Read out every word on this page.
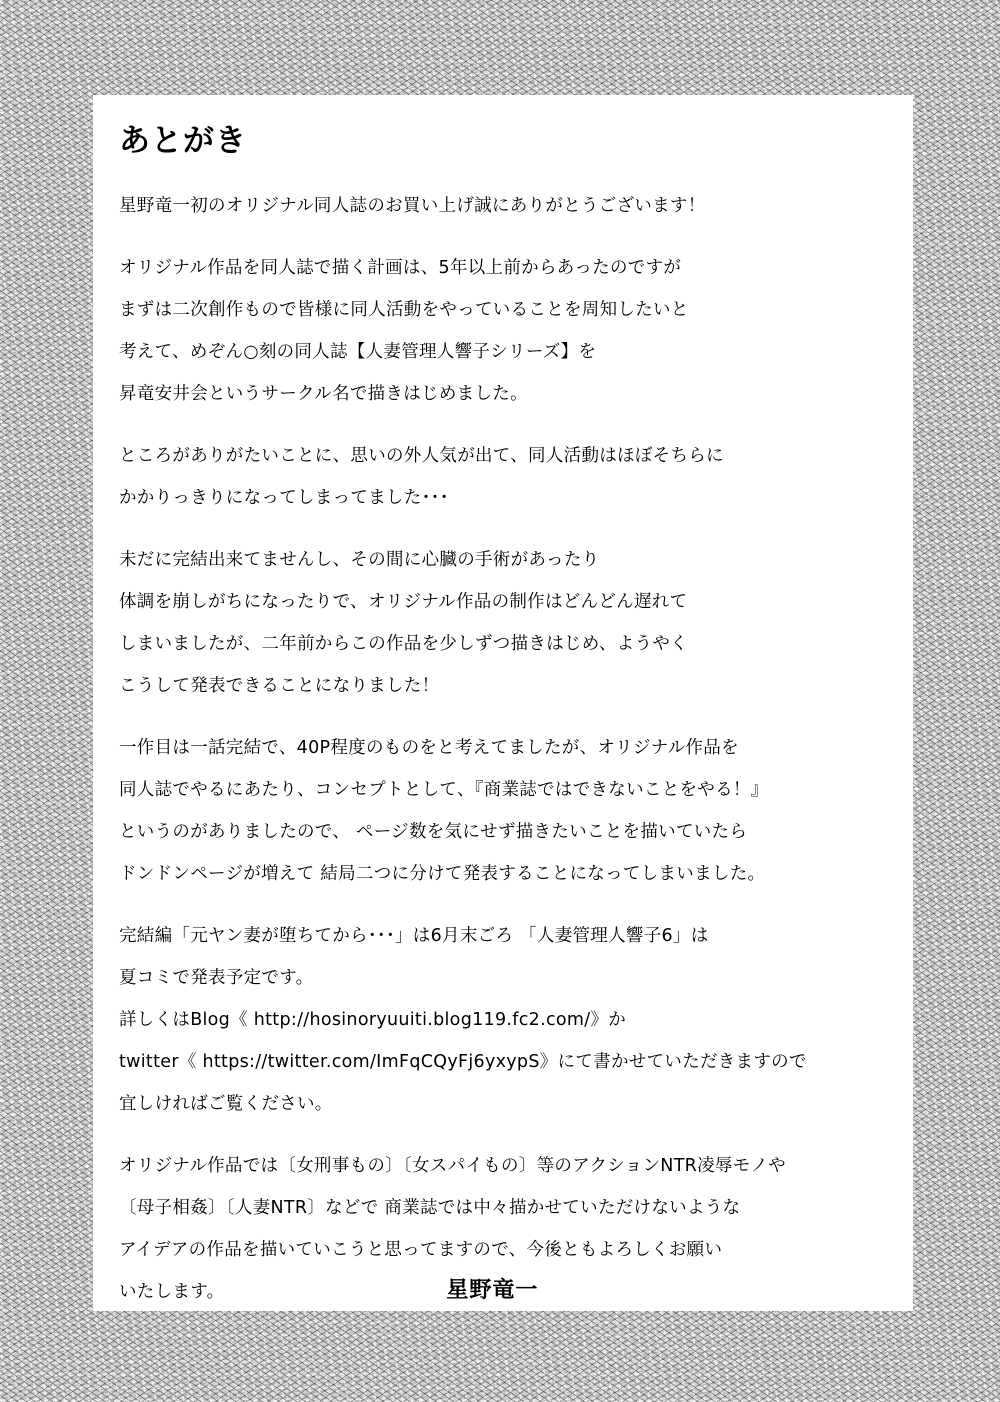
あとがき
星野竜一初のオリジナル同人誌のお買い上げ誠にありがとうございます！
オリジナル作品を同人誌で描く計画は、5年以上前からあったのですが
まずは二次創作もので皆様に同人活動をやっていることを周知したいと
考えて、めぞん○刻の同人誌【人妻管理人響子シリーズ】を
昇竜安井会というサークル名で描きはじめました。
ところがありがたいことに、思いの外人気が出て、同人活動はほぼそちらに
かかりっきりになってしまってました･･･
未だに完結出来てませんし、その間に心臓の手術があったり
体調を崩しがちになったりで、オリジナル作品の制作はどんどん遅れて
しまいましたが、二年前からこの作品を少しずつ描きはじめ、ようやく
こうして発表できることになりました！
一作目は一話完結で、40P程度のものをと考えてましたが、オリジナル作品を
同人誌でやるにあたり、コンセプトとして、『商業誌ではできないことをやる！』
というのがありましたので、 ページ数を気にせず描きたいことを描いていたら
ドンドンページが増えて 結局二つに分けて発表することになってしまいました。
完結編「元ヤン妻が堕ちてから･･･」は6月末ごろ 「人妻管理人響子6」は
夏コミで発表予定です。
詳しくはBlog《 http://hosinoryuuiti.blog119.fc2.com/》か
twitter《 https://twitter.com/ImFqCQyFj6yxypS》にて書かせていただきますので
宜しければご覧ください。
オリジナル作品では〔女刑事もの〕〔女スパイもの〕等のアクションNTR凌辱モノや
〔母子相姦〕〔人妻NTR〕などで 商業誌では中々描かせていただけないような
アイデアの作品を描いていこうと思ってますので、今後ともよろしくお願い
いたします。	星野竜一
